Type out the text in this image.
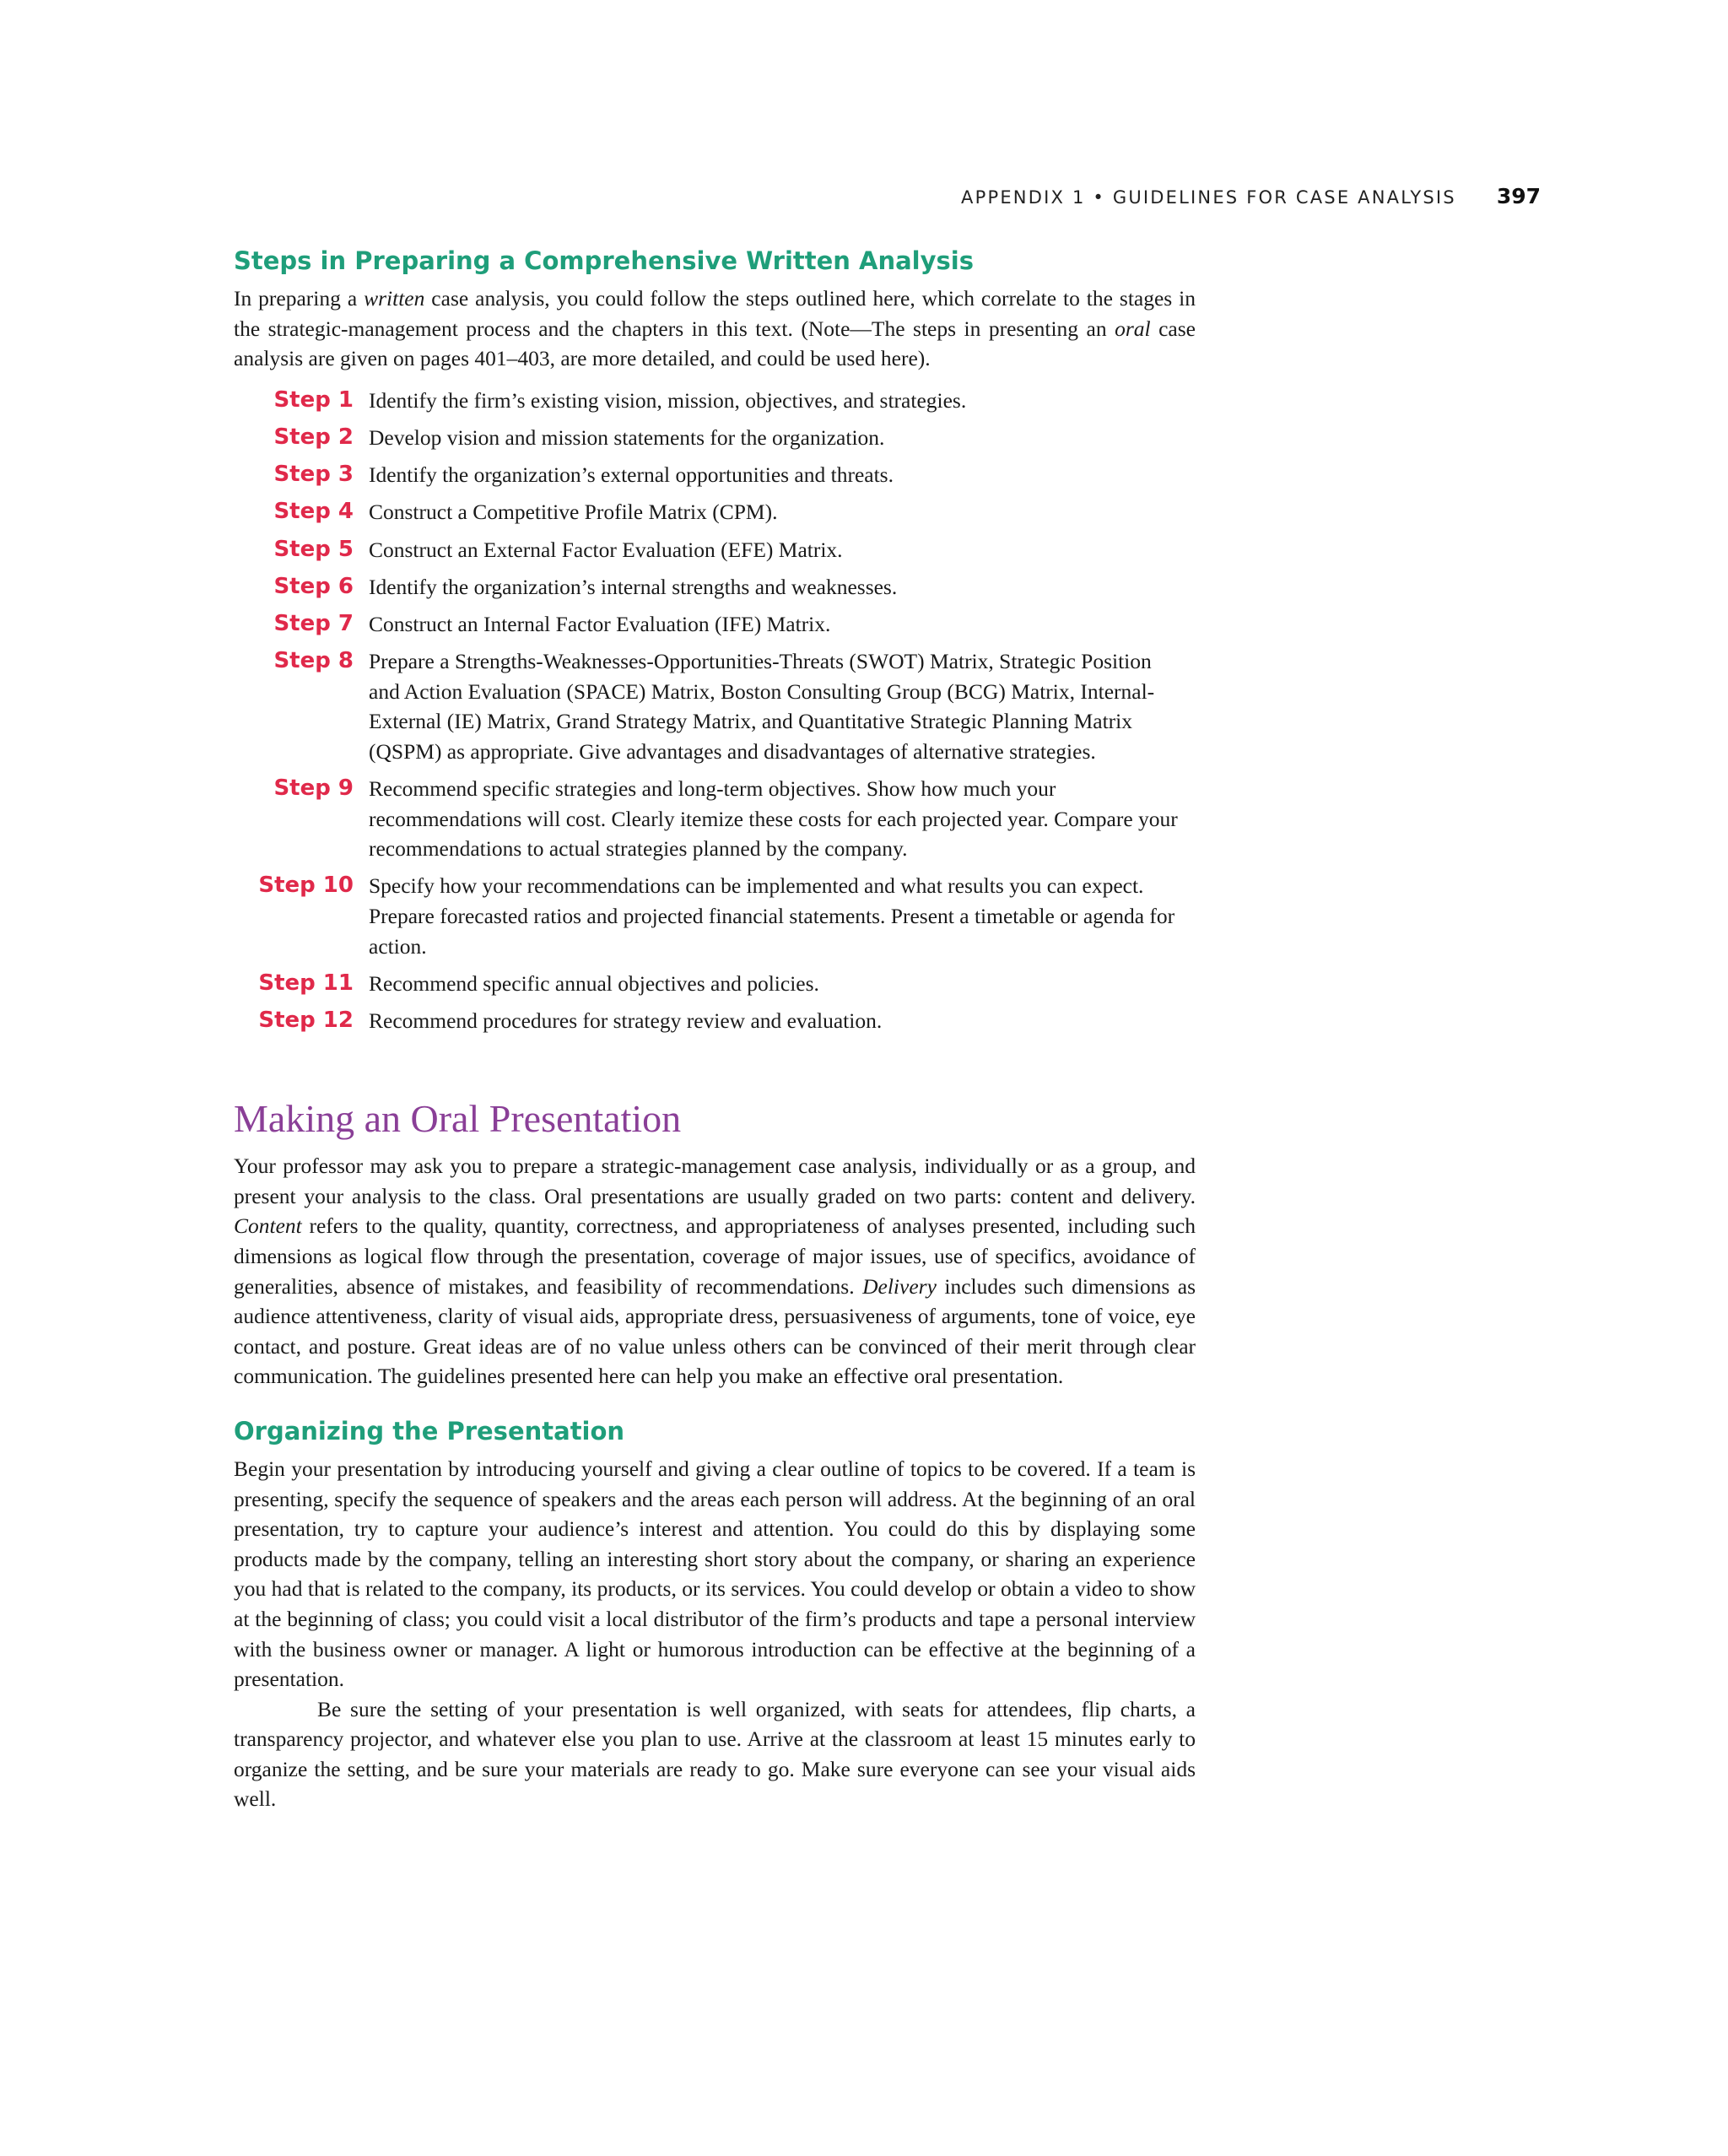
APPENDIX 1 • GUIDELINES FOR CASE ANALYSIS 397
Steps in Preparing a Comprehensive Written Analysis

In preparing a written case analysis, you could follow the steps outlined here, which correlate to the stages in the strategic-management process and the chapters in this text. (Note—The steps in presenting an oral case analysis are given on pages 401–403, are more detailed, and could be used here).

Step 1 Identify the firm’s existing vision, mission, objectives, and strategies.
Step 2 Develop vision and mission statements for the organization.
Step 3 Identify the organization’s external opportunities and threats.
Step 4 Construct a Competitive Profile Matrix (CPM).
Step 5 Construct an External Factor Evaluation (EFE) Matrix.
Step 6 Identify the organization’s internal strengths and weaknesses.
Step 7 Construct an Internal Factor Evaluation (IFE) Matrix.
Step 8 Prepare a Strengths-Weaknesses-Opportunities-Threats (SWOT) Matrix, Strategic Position and Action Evaluation (SPACE) Matrix, Boston Consulting Group (BCG) Matrix, Internal-External (IE) Matrix, Grand Strategy Matrix, and Quantitative Strategic Planning Matrix (QSPM) as appropriate. Give advantages and disadvantages of alternative strategies.
Step 9 Recommend specific strategies and long-term objectives. Show how much your recommendations will cost. Clearly itemize these costs for each projected year. Compare your recommendations to actual strategies planned by the company.
Step 10 Specify how your recommendations can be implemented and what results you can expect. Prepare forecasted ratios and projected financial statements. Present a timetable or agenda for action.
Step 11 Recommend specific annual objectives and policies.
Step 12 Recommend procedures for strategy review and evaluation.
Making an Oral Presentation

Your professor may ask you to prepare a strategic-management case analysis, individually or as a group, and present your analysis to the class. Oral presentations are usually graded on two parts: content and delivery. Content refers to the quality, quantity, correctness, and appropriateness of analyses presented, including such dimensions as logical flow through the presentation, coverage of major issues, use of specifics, avoidance of generalities, absence of mistakes, and feasibility of recommendations. Delivery includes such dimensions as audience attentiveness, clarity of visual aids, appropriate dress, persuasiveness of arguments, tone of voice, eye contact, and posture. Great ideas are of no value unless others can be convinced of their merit through clear communication. The guidelines presented here can help you make an effective oral presentation.

Organizing the Presentation

Begin your presentation by introducing yourself and giving a clear outline of topics to be covered. If a team is presenting, specify the sequence of speakers and the areas each person will address. At the beginning of an oral presentation, try to capture your audience’s interest and attention. You could do this by displaying some products made by the company, telling an interesting short story about the company, or sharing an experience you had that is related to the company, its products, or its services. You could develop or obtain a video to show at the beginning of class; you could visit a local distributor of the firm’s products and tape a personal interview with the business owner or manager. A light or humorous introduction can be effective at the beginning of a presentation.

Be sure the setting of your presentation is well organized, with seats for attendees, flip charts, a transparency projector, and whatever else you plan to use. Arrive at the classroom at least 15 minutes early to organize the setting, and be sure your materials are ready to go. Make sure everyone can see your visual aids well.
